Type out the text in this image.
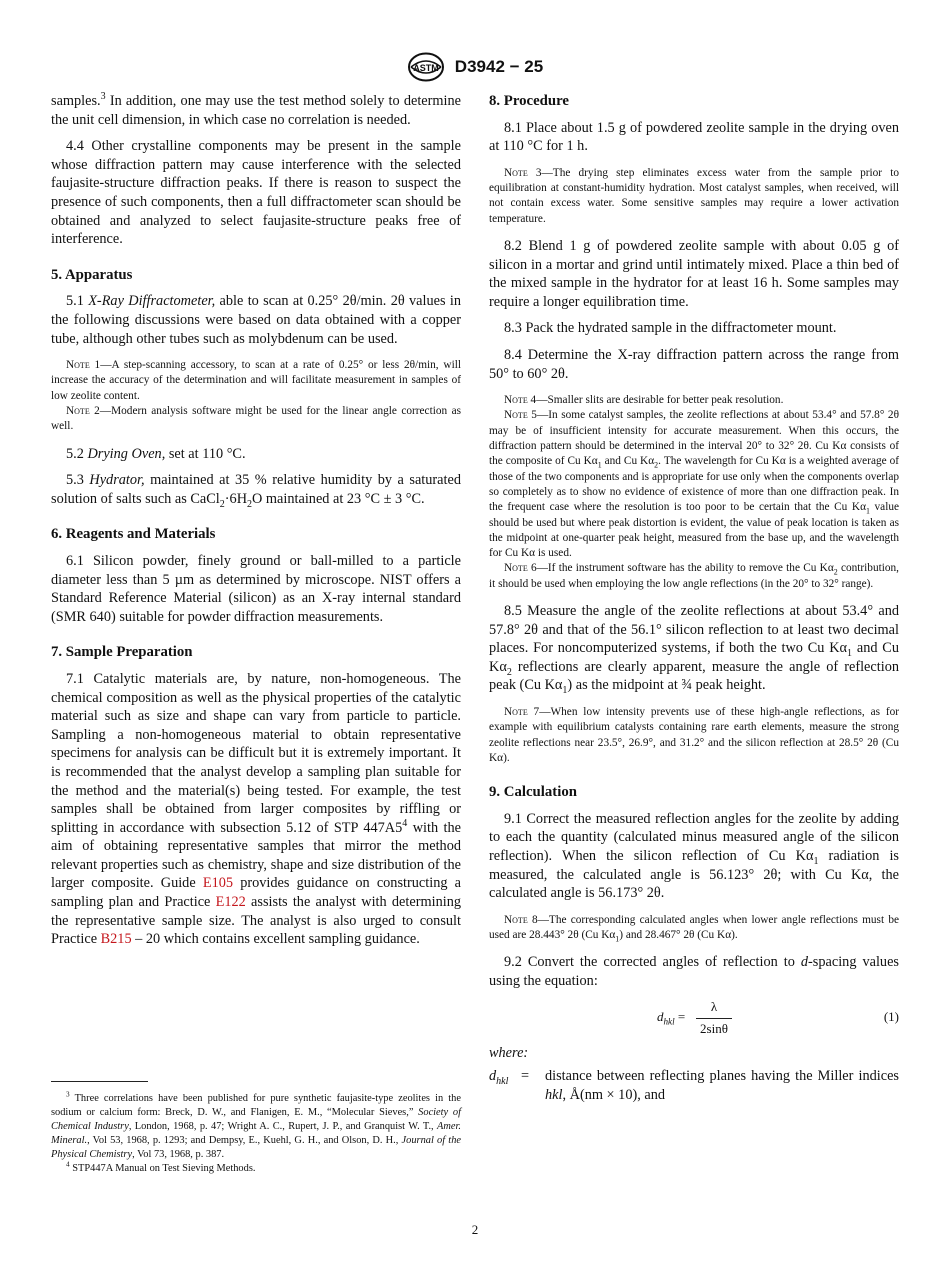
ASTM D3942 − 25

samples.$^3$ In addition, one may use the test method solely to determine the unit cell dimension, in which case no correlation is needed.

4.4 Other crystalline components may be present in the sample whose diffraction pattern may cause interference with the selected faujasite-structure diffraction peaks. If there is reason to suspect the presence of such components, then a full diffractometer scan should be obtained and analyzed to select faujasite-structure peaks free of interference.

5. Apparatus

5.1 X-Ray Diffractometer, able to scan at 0.25° 2θ/min. 2θ values in the following discussions were based on data obtained with a copper tube, although other tubes such as molybdenum can be used.

Note 1—A step-scanning accessory, to scan at a rate of 0.25° or less 2θ/min, will increase the accuracy of the determination and will facilitate measurement in samples of low zeolite content.

Note 2—Modern analysis software might be used for the linear angle correction as well.

5.2 Drying Oven, set at 110 °C.

5.3 Hydrator, maintained at 35 % relative humidity by a saturated solution of salts such as $CaCl_2\cdot 6H_2O$ maintained at 23 °C ± 3 °C.

6. Reagents and Materials

6.1 Silicon powder, finely ground or ball-milled to a particle diameter less than 5 µm as determined by microscope. NIST offers a Standard Reference Material (silicon) as an X-ray internal standard (SMR 640) suitable for powder diffraction measurements.

7. Sample Preparation

7.1 Catalytic materials are, by nature, non-homogeneous. The chemical composition as well as the physical properties of the catalytic material such as size and shape can vary from particle to particle. Sampling a non-homogeneous material to obtain representative specimens for analysis can be difficult but it is extremely important. It is recommended that the analyst develop a sampling plan suitable for the method and the material(s) being tested. For example, the test samples shall be obtained from larger composites by riffling or splitting in accordance with subsection 5.12 of STP $447A5^4$ with the aim of obtaining representative samples that mirror the method relevant properties such as chemistry, shape and size distribution of the larger composite. Guide E105 provides guidance on constructing a sampling plan and Practice E122 assists the analyst with determining the representative sample size. The analyst is also urged to consult Practice B215 – 20 which contains excellent sampling guidance.

$^3$ Three correlations have been published for pure synthetic faujasite-type zeolites in the sodium or calcium form: Breck, D. W., and Flanigen, E. M., “Molecular Sieves,” Society of Chemical Industry, London, 1968, p. 47; Wright A. C., Rupert, J. P., and Granquist W. T., Amer. Mineral., Vol 53, 1968, p. 1293; and Dempsy, E., Kuehl, G. H., and Olson, D. H., Journal of the Physical Chemistry, Vol 73, 1968, p. 387.

$^4$ STP447A Manual on Test Sieving Methods.

8. Procedure

8.1 Place about 1.5 g of powdered zeolite sample in the drying oven at 110 °C for 1 h.

Note 3—The drying step eliminates excess water from the sample prior to equilibration at constant-humidity hydration. Most catalyst samples, when received, will not contain excess water. Some sensitive samples may require a lower activation temperature.

8.2 Blend 1 g of powdered zeolite sample with about 0.05 g of silicon in a mortar and grind until intimately mixed. Place a thin bed of the mixed sample in the hydrator for at least 16 h. Some samples may require a longer equilibration time.

8.3 Pack the hydrated sample in the diffractometer mount.

8.4 Determine the X-ray diffraction pattern across the range from 50° to 60° 2θ.

Note 4—Smaller slits are desirable for better peak resolution.

Note 5—In some catalyst samples, the zeolite reflections at about 53.4° and 57.8° 2θ may be of insufficient intensity for accurate measurement. When this occurs, the diffraction pattern should be determined in the interval 20° to 32° 2θ. Cu Kα consists of the composite of Cu $K\alpha_1$ and Cu $K\alpha_2$. The wavelength for Cu Kα is a weighted average of those of the two components and is appropriate for use only when the components overlap so completely as to show no evidence of existence of more than one diffraction peak. In the frequent case where the resolution is too poor to be certain that the Cu $K\alpha_1$ value should be used but where peak distortion is evident, the value of peak location is taken as the midpoint at one-quarter peak height, measured from the base up, and the wavelength for Cu Kα is used.

Note 6—If the instrument software has the ability to remove the Cu $K\alpha_2$ contribution, it should be used when employing the low angle reflections (in the 20° to 32° range).

8.5 Measure the angle of the zeolite reflections at about 53.4° and 57.8° 2θ and that of the 56.1° silicon reflection to at least two decimal places. For noncomputerized systems, if both the two Cu $K\alpha_1$ and Cu $K\alpha_2$ reflections are clearly apparent, measure the angle of reflection peak (Cu $K\alpha_1$) as the midpoint at ¾ peak height.

Note 7—When low intensity prevents use of these high-angle reflections, as for example with equilibrium catalysts containing rare earth elements, measure the strong zeolite reflections near 23.5°, 26.9°, and 31.2° and the silicon reflection at 28.5° 2θ (Cu Kα).

9. Calculation

9.1 Correct the measured reflection angles for the zeolite by adding to each the quantity (calculated minus measured angle of the silicon reflection). When the silicon reflection of Cu $K\alpha_1$ radiation is measured, the calculated angle is 56.123° 2θ; with Cu Kα, the calculated angle is 56.173° 2θ.

Note 8—The corresponding calculated angles when lower angle reflections must be used are 28.443° 2θ (Cu $K\alpha_1$) and 28.467° 2θ (Cu Kα).

9.2 Convert the corrected angles of reflection to d-spacing values using the equation:

$d_{hkl} = \frac{\lambda}{2\sin\theta}$	(1)
where:
$d_{hkl}$ =	distance between reflecting planes having the Miller indices hkl, Å(nm × 10), and
2
